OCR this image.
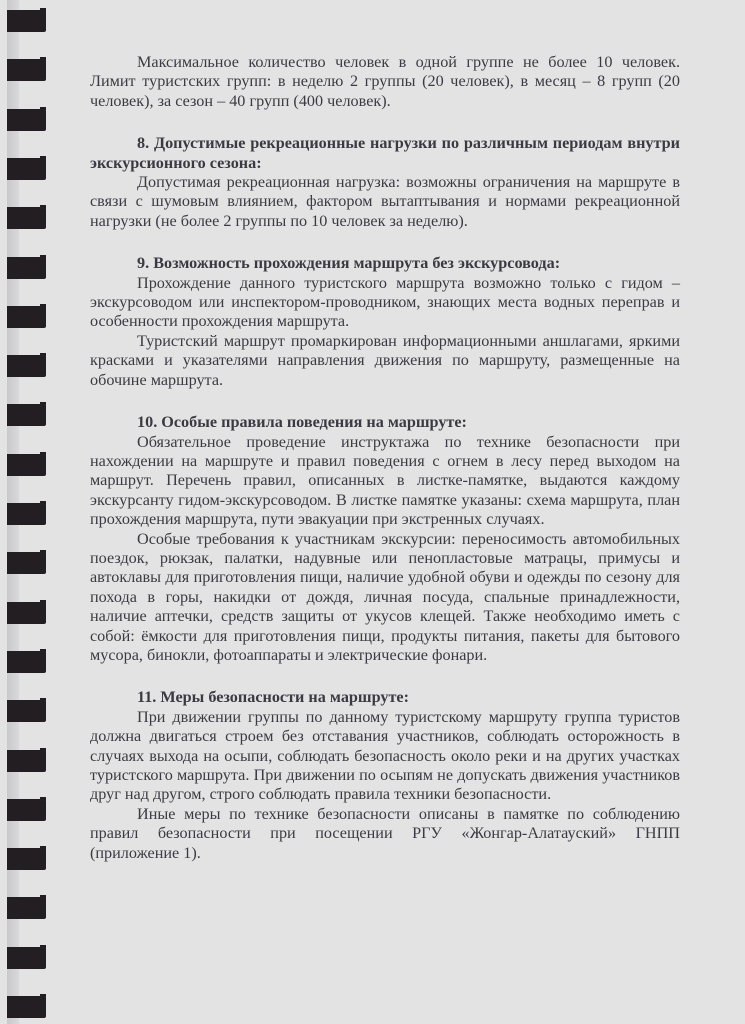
Максимальное количество человек в одной группе не более 10 человек. Лимит туристских групп: в неделю 2 группы (20 человек), в месяц – 8 групп (20 человек), за сезон – 40 групп (400 человек).

8. Допустимые рекреационные нагрузки по различным периодам внутри экскурсионного сезона:

Допустимая рекреационная нагрузка: возможны ограничения на маршруте в связи с шумовым влиянием, фактором вытаптывания и нормами рекреационной нагрузки (не более 2 группы по 10 человек за неделю).

9. Возможность прохождения маршрута без экскурсовода:

Прохождение данного туристского маршрута возможно только с гидом – экскурсоводом или инспектором-проводником, знающих места водных переправ и особенности прохождения маршрута.

Туристский маршрут промаркирован информационными аншлагами, яркими красками и указателями направления движения по маршруту, размещенные на обочине маршрута.

10. Особые правила поведения на маршруте:

Обязательное проведение инструктажа по технике безопасности при нахождении на маршруте и правил поведения с огнем в лесу перед выходом на маршрут. Перечень правил, описанных в листке-памятке, выдаются каждому экскурсанту гидом-экскурсоводом. В листке памятке указаны: схема маршрута, план прохождения маршрута, пути эвакуации при экстренных случаях.

Особые требования к участникам экскурсии: переносимость автомобильных поездок, рюкзак, палатки, надувные или пенопластовые матрацы, примусы и автоклавы для приготовления пищи, наличие удобной обуви и одежды по сезону для похода в горы, накидки от дождя, личная посуда, спальные принадлежности, наличие аптечки, средств защиты от укусов клещей. Также необходимо иметь с собой: ёмкости для приготовления пищи, продукты питания, пакеты для бытового мусора, бинокли, фотоаппараты и электрические фонари.

11. Меры безопасности на маршруте:

При движении группы по данному туристскому маршруту группа туристов должна двигаться строем без отставания участников, соблюдать осторожность в случаях выхода на осыпи, соблюдать безопасность около реки и на других участках туристского маршрута. При движении по осыпям не допускать движения участников друг над другом, строго соблюдать правила техники безопасности.

Иные меры по технике безопасности описаны в памятке по соблюдению правил безопасности при посещении РГУ «Жонгар-Алатауский» ГНПП (приложение 1).
